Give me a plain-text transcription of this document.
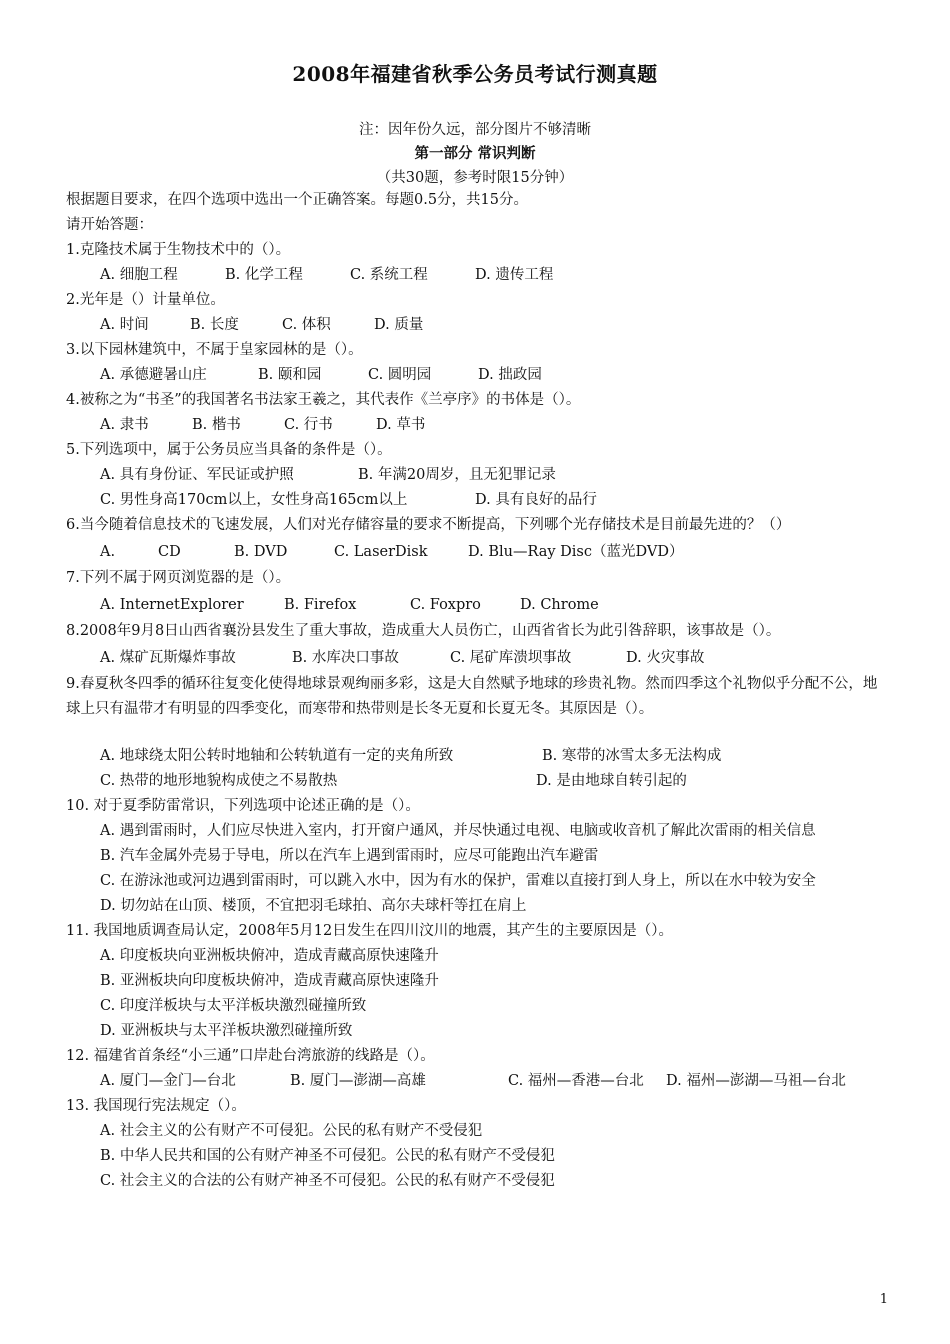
2008年福建省秋季公务员考试行测真题
注：因年份久远，部分图片不够清晰
第一部分 常识判断
（共30题，参考时限15分钟）
根据题目要求，在四个选项中选出一个正确答案。每题0.5分，共15分。
请开始答题：
1.克隆技术属于生物技术中的（）。
A. 细胞工程	B. 化学工程	C. 系统工程	D. 遗传工程
2.光年是（）计量单位。
A. 时间	B. 长度	C. 体积	D. 质量
3.以下园林建筑中，不属于皇家园林的是（）。
A. 承德避暑山庄	B. 颐和园	C. 圆明园	D. 拙政园
4.被称之为“书圣”的我国著名书法家王羲之，其代表作《兰亭序》的书体是（）。
A. 隶书	B. 楷书	C. 行书	D. 草书
5.下列选项中，属于公务员应当具备的条件是（）。
A. 具有身份证、军民证或护照	B. 年满20周岁，且无犯罪记录
C. 男性身高170cm以上，女性身高165cm以上	D. 具有良好的品行
6.当今随着信息技术的飞速发展，人们对光存储容量的要求不断提高，下列哪个光存储技术是目前最先进的？（）
A.	CD	B. DVD	C. LaserDisk	D. Blu—Ray Disc（蓝光DVD）
7.下列不属于网页浏览器的是（）。
A. InternetExplorer	B. Firefox	C. Foxpro	D. Chrome
8.2008年9月8日山西省襄汾县发生了重大事故，造成重大人员伤亡，山西省省长为此引咎辞职，该事故是（）。
A. 煤矿瓦斯爆炸事故	B. 水库决口事故	C. 尾矿库溃坝事故	D. 火灾事故
9.春夏秋冬四季的循环往复变化使得地球景观绚丽多彩，这是大自然赋予地球的珍贵礼物。然而四季这个礼物似乎分配不公，地球上只有温带才有明显的四季变化，而寒带和热带则是长冬无夏和长夏无冬。其原因是（）。
A. 地球绕太阳公转时地轴和公转轨道有一定的夹角所致	B. 寒带的冰雪太多无法构成
C. 热带的地形地貌构成使之不易散热	D. 是由地球自转引起的
10. 对于夏季防雷常识，下列选项中论述正确的是（）。
A. 遇到雷雨时，人们应尽快进入室内，打开窗户通风，并尽快通过电视、电脑或收音机了解此次雷雨的相关信息
B. 汽车金属外壳易于导电，所以在汽车上遇到雷雨时，应尽可能跑出汽车避雷
C. 在游泳池或河边遇到雷雨时，可以跳入水中，因为有水的保护，雷难以直接打到人身上，所以在水中较为安全
D. 切勿站在山顶、楼顶，不宜把羽毛球拍、高尔夫球杆等扛在肩上
11. 我国地质调查局认定，2008年5月12日发生在四川汶川的地震，其产生的主要原因是（）。
A. 印度板块向亚洲板块俯冲，造成青藏高原快速隆升
B. 亚洲板块向印度板块俯冲，造成青藏高原快速隆升
C. 印度洋板块与太平洋板块激烈碰撞所致
D. 亚洲板块与太平洋板块激烈碰撞所致
12. 福建省首条经“小三通”口岸赴台湾旅游的线路是（）。
A. 厦门—金门—台北	B. 厦门—澎湖—高雄	C. 福州—香港—台北 D. 福州—澎湖—马祖—台北
13. 我国现行宪法规定（）。
A. 社会主义的公有财产不可侵犯。公民的私有财产不受侵犯
B. 中华人民共和国的公有财产神圣不可侵犯。公民的私有财产不受侵犯
C. 社会主义的合法的公有财产神圣不可侵犯。公民的私有财产不受侵犯
1
